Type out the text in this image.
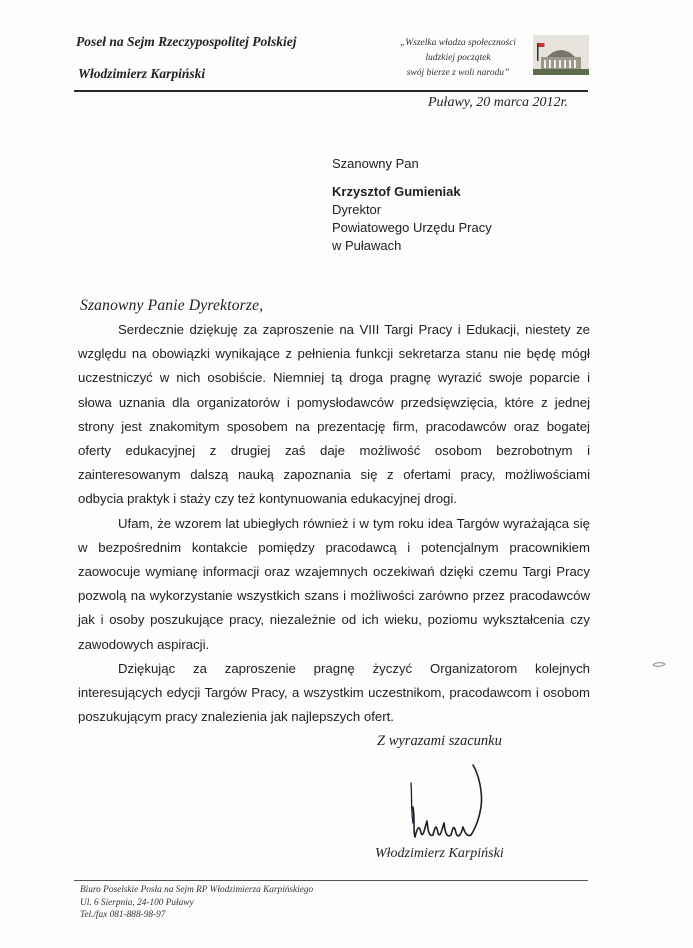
Poseł na Sejm Rzeczypospolitej Polskiej
Włodzimierz Karpiński
„Wszelka władza społeczności
ludzkiej początek
swój bierze z woli narodu”
Puławy, 20 marca 2012r.
Szanowny Pan
Krzysztof Gumieniak
Dyrektor
Powiatowego Urzędu Pracy
w Puławach
Szanowny Panie Dyrektorze,

Serdecznie dziękuję za zaproszenie na VIII Targi Pracy i Edukacji, niestety ze względu na obowiązki wynikające z pełnienia funkcji sekretarza stanu nie będę mógł uczestniczyć w nich osobiście. Niemniej tą droga pragnę wyrazić swoje poparcie i słowa uznania dla organizatorów i pomysłodawców przedsięwzięcia, które z jednej strony jest znakomitym sposobem na prezentację firm, pracodawców oraz bogatej oferty edukacyjnej z drugiej zaś daje możliwość osobom bezrobotnym i zainteresowanym dalszą nauką zapoznania się z ofertami pracy, możliwościami odbycia praktyk i staży czy też kontynuowania edukacyjnej drogi.

Ufam, że wzorem lat ubiegłych również i w tym roku idea Targów wyrażająca się w bezpośrednim kontakcie pomiędzy pracodawcą i potencjalnym pracownikiem zaowocuje wymianę informacji oraz wzajemnych oczekiwań dzięki czemu Targi Pracy pozwolą na wykorzystanie wszystkich szans i możliwości zarówno przez pracodawców jak i osoby poszukujące pracy, niezależnie od ich wieku, poziomu wykształcenia czy zawodowych aspiracji.

Dziękując za zaproszenie pragnę życzyć Organizatorom kolejnych interesujących edycji Targów Pracy, a wszystkim uczestnikom, pracodawcom i osobom poszukującym pracy znalezienia jak najlepszych ofert.

Z wyrazami szacunku
Włodzimierz Karpiński
Biuro Poselskie Posła na Sejm RP Włodzimierza Karpińskiego
Ul. 6 Sierpnia, 24-100 Puławy
Tel./fax 081-888-98-97
